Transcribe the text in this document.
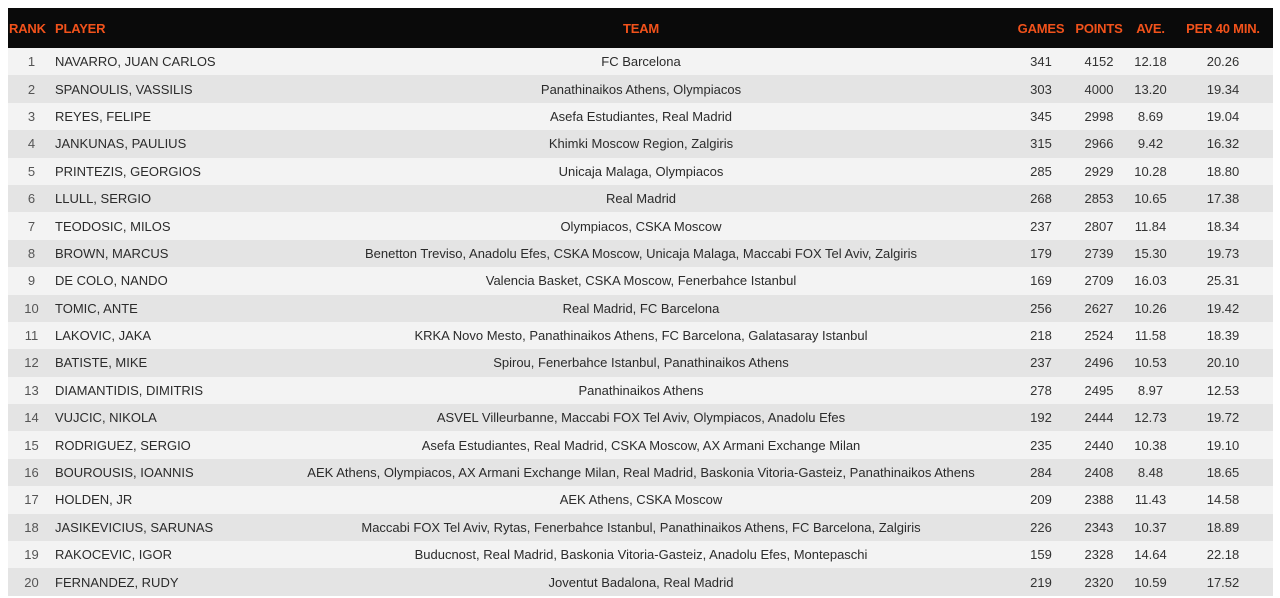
RANK	PLAYER	TEAM	GAMES	POINTS	AVE.	PER 40 MIN.
1	NAVARRO, JUAN CARLOS	FC Barcelona	341	4152	12.18	20.26
2	SPANOULIS, VASSILIS	Panathinaikos Athens, Olympiacos	303	4000	13.20	19.34
3	REYES, FELIPE	Asefa Estudiantes, Real Madrid	345	2998	8.69	19.04
4	JANKUNAS, PAULIUS	Khimki Moscow Region, Zalgiris	315	2966	9.42	16.32
5	PRINTEZIS, GEORGIOS	Unicaja Malaga, Olympiacos	285	2929	10.28	18.80
6	LLULL, SERGIO	Real Madrid	268	2853	10.65	17.38
7	TEODOSIC, MILOS	Olympiacos, CSKA Moscow	237	2807	11.84	18.34
8	BROWN, MARCUS	Benetton Treviso, Anadolu Efes, CSKA Moscow, Unicaja Malaga, Maccabi FOX Tel Aviv, Zalgiris	179	2739	15.30	19.73
9	DE COLO, NANDO	Valencia Basket, CSKA Moscow, Fenerbahce Istanbul	169	2709	16.03	25.31
10	TOMIC, ANTE	Real Madrid, FC Barcelona	256	2627	10.26	19.42
11	LAKOVIC, JAKA	KRKA Novo Mesto, Panathinaikos Athens, FC Barcelona, Galatasaray Istanbul	218	2524	11.58	18.39
12	BATISTE, MIKE	Spirou, Fenerbahce Istanbul, Panathinaikos Athens	237	2496	10.53	20.10
13	DIAMANTIDIS, DIMITRIS	Panathinaikos Athens	278	2495	8.97	12.53
14	VUJCIC, NIKOLA	ASVEL Villeurbanne, Maccabi FOX Tel Aviv, Olympiacos, Anadolu Efes	192	2444	12.73	19.72
15	RODRIGUEZ, SERGIO	Asefa Estudiantes, Real Madrid, CSKA Moscow, AX Armani Exchange Milan	235	2440	10.38	19.10
16	BOUROUSIS, IOANNIS	AEK Athens, Olympiacos, AX Armani Exchange Milan, Real Madrid, Baskonia Vitoria-Gasteiz, Panathinaikos Athens	284	2408	8.48	18.65
17	HOLDEN, JR	AEK Athens, CSKA Moscow	209	2388	11.43	14.58
18	JASIKEVICIUS, SARUNAS	Maccabi FOX Tel Aviv, Rytas, Fenerbahce Istanbul, Panathinaikos Athens, FC Barcelona, Zalgiris	226	2343	10.37	18.89
19	RAKOCEVIC, IGOR	Buducnost, Real Madrid, Baskonia Vitoria-Gasteiz, Anadolu Efes, Montepaschi	159	2328	14.64	22.18
20	FERNANDEZ, RUDY	Joventut Badalona, Real Madrid	219	2320	10.59	17.52
